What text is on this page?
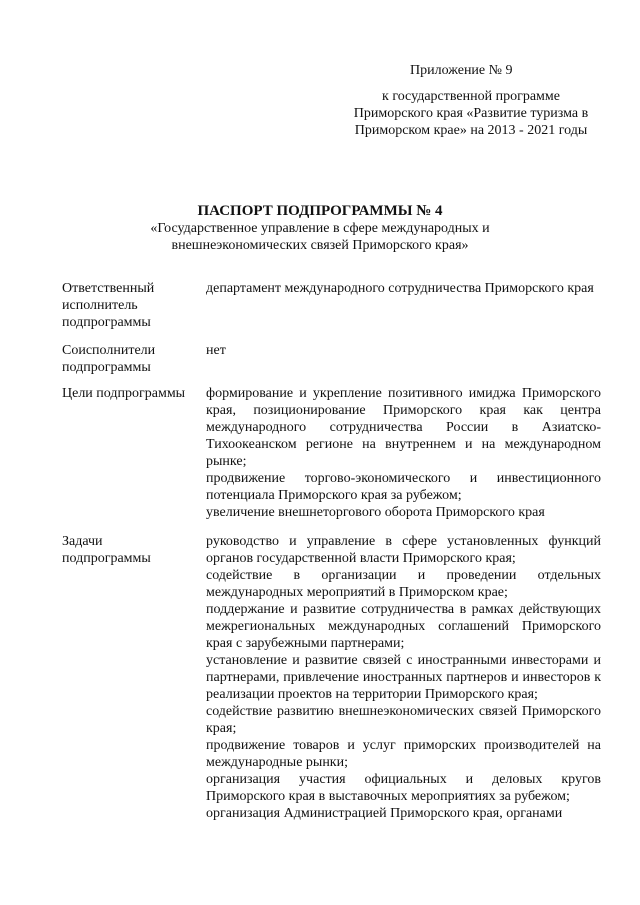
Приложение № 9
к государственной программе
Приморского края «Развитие туризма в
Приморском крае» на 2013 - 2021 годы
ПАСПОРТ ПОДПРОГРАММЫ № 4
«Государственное управление в сфере международных и
внешнеэкономических связей Приморского края»
Ответственный исполнитель подпрограммы
департамент международного сотрудничества Приморского края
Соисполнители подпрограммы
нет
Цели подпрограммы	формирование и укрепление позитивного имиджа Приморского края, позиционирование Приморского края как центра международного сотрудничества России в Азиатско-Тихоокеанском регионе на внутреннем и на международном рынке;
продвижение торгово-экономического и инвестиционного потенциала Приморского края за рубежом;
увеличение внешнеторгового оборота Приморского края
Задачи подпрограммы
руководство и управление в сфере установленных функций органов государственной власти Приморского края;
содействие в организации и проведении отдельных международных мероприятий в Приморском крае;
поддержание и развитие сотрудничества в рамках действующих межрегиональных международных соглашений Приморского края с зарубежными партнерами;
установление и развитие связей с иностранными инвесторами и партнерами, привлечение иностранных партнеров и инвесторов к реализации проектов на территории Приморского края;
содействие развитию внешнеэкономических связей Приморского края;
продвижение товаров и услуг приморских производителей на международные рынки;
организация участия официальных и деловых кругов Приморского края в выставочных мероприятиях за рубежом;
организация Администрацией Приморского края, органами
